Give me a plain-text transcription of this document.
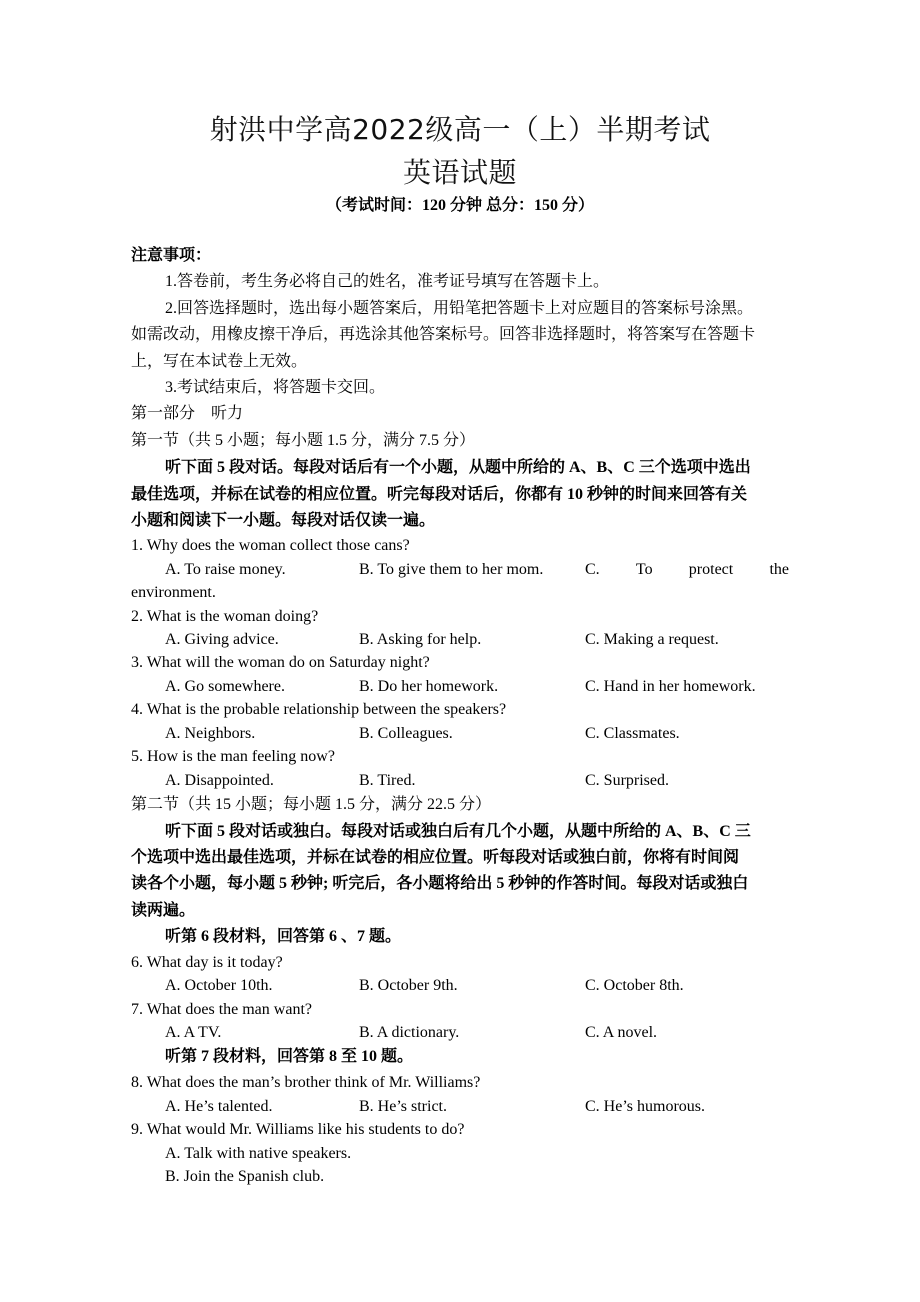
射洪中学高2022级高一（上）半期考试
英语试题
（考试时间：120 分钟 总分：150 分）
注意事项：
1.答卷前，考生务必将自己的姓名，准考证号填写在答题卡上。
2.回答选择题时，选出每小题答案后，用铅笔把答题卡上对应题目的答案标号涂黑。
如需改动，用橡皮擦干净后，再选涂其他答案标号。回答非选择题时，将答案写在答题卡
上，写在本试卷上无效。
3.考试结束后，将答题卡交回。
第一部分　听力
第一节（共 5 小题；每小题 1.5 分，满分 7.5 分）
听下面 5 段对话。每段对话后有一个小题，从题中所给的 A、B、C 三个选项中选出
最佳选项，并标在试卷的相应位置。听完每段对话后，你都有 10 秒钟的时间来回答有关
小题和阅读下一小题。每段对话仅读一遍。
1. Why does the woman collect those cans?
A. To raise money.	B. To give them to her mom.	C. To protect the
environment.
2. What is the woman doing?
A. Giving advice.	B. Asking for help.	C. Making a request.
3. What will the woman do on Saturday night?
A. Go somewhere.	B. Do her homework.	C. Hand in her homework.
4. What is the probable relationship between the speakers?
A. Neighbors.	B. Colleagues.	C. Classmates.
5. How is the man feeling now?
A. Disappointed.	B. Tired.	C. Surprised.
第二节（共 15 小题；每小题 1.5 分，满分 22.5 分）
听下面 5 段对话或独白。每段对话或独白后有几个小题，从题中所给的 A、B、C 三
个选项中选出最佳选项，并标在试卷的相应位置。听每段对话或独白前，你将有时间阅
读各个小题，每小题 5 秒钟; 听完后，各小题将给出 5 秒钟的作答时间。每段对话或独白
读两遍。
听第 6 段材料，回答第 6 、7 题。
6. What day is it today?
A. October 10th.	B. October 9th.	C. October 8th.
7. What does the man want?
A. A TV.	B. A dictionary.	C. A novel.
听第 7 段材料，回答第 8 至 10 题。
8. What does the man’s brother think of Mr. Williams?
A. He’s talented.	B. He’s strict.	C. He’s humorous.
9. What would Mr. Williams like his students to do?
A. Talk with native speakers.
B. Join the Spanish club.
